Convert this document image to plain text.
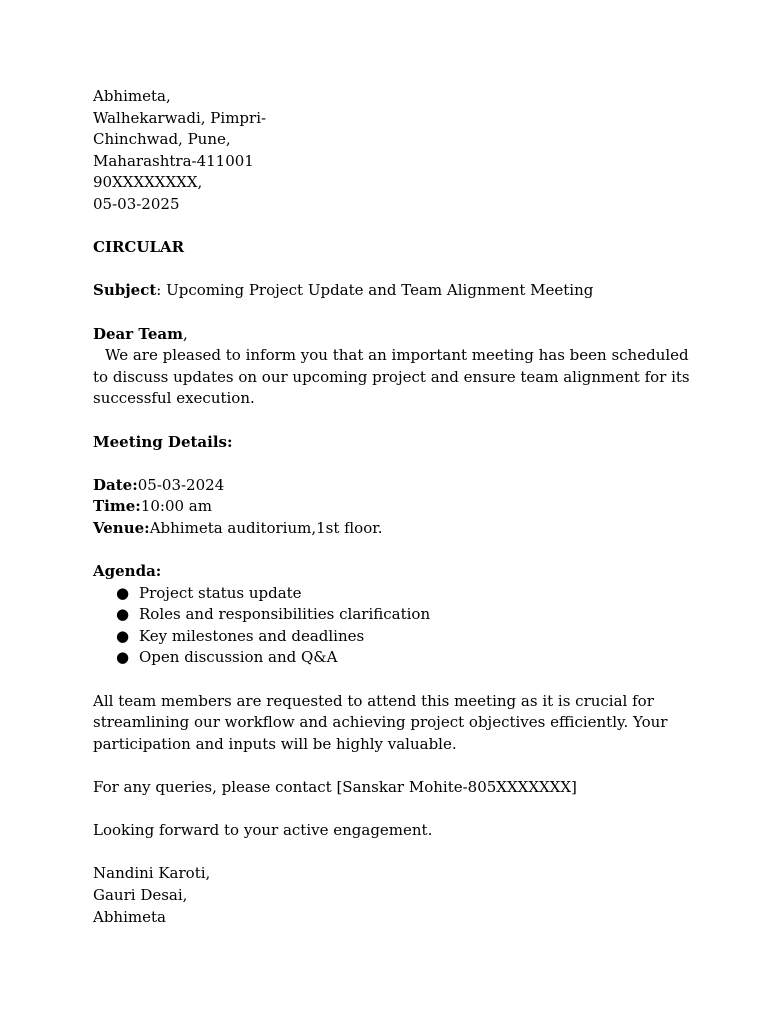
Abhimeta,
Walhekarwadi, Pimpri-
Chinchwad, Pune,
Maharashtra-411001
90XXXXXXXX,
05-03-2025
CIRCULAR
Subject: Upcoming Project Update and Team Alignment Meeting
Dear Team,
We are pleased to inform you that an important meeting has been scheduled to discuss updates on our upcoming project and ensure team alignment for its successful execution.
Meeting Details:
Date:05-03-2024
Time:10:00 am
Venue:Abhimeta auditorium,1st floor.
Agenda:
● Project status update
● Roles and responsibilities clarification
● Key milestones and deadlines
● Open discussion and Q&A
All team members are requested to attend this meeting as it is crucial for streamlining our workflow and achieving project objectives efficiently. Your participation and inputs will be highly valuable.
For any queries, please contact [Sanskar Mohite-805XXXXXXX]
Looking forward to your active engagement.
Nandini Karoti,
Gauri Desai,
Abhimeta
